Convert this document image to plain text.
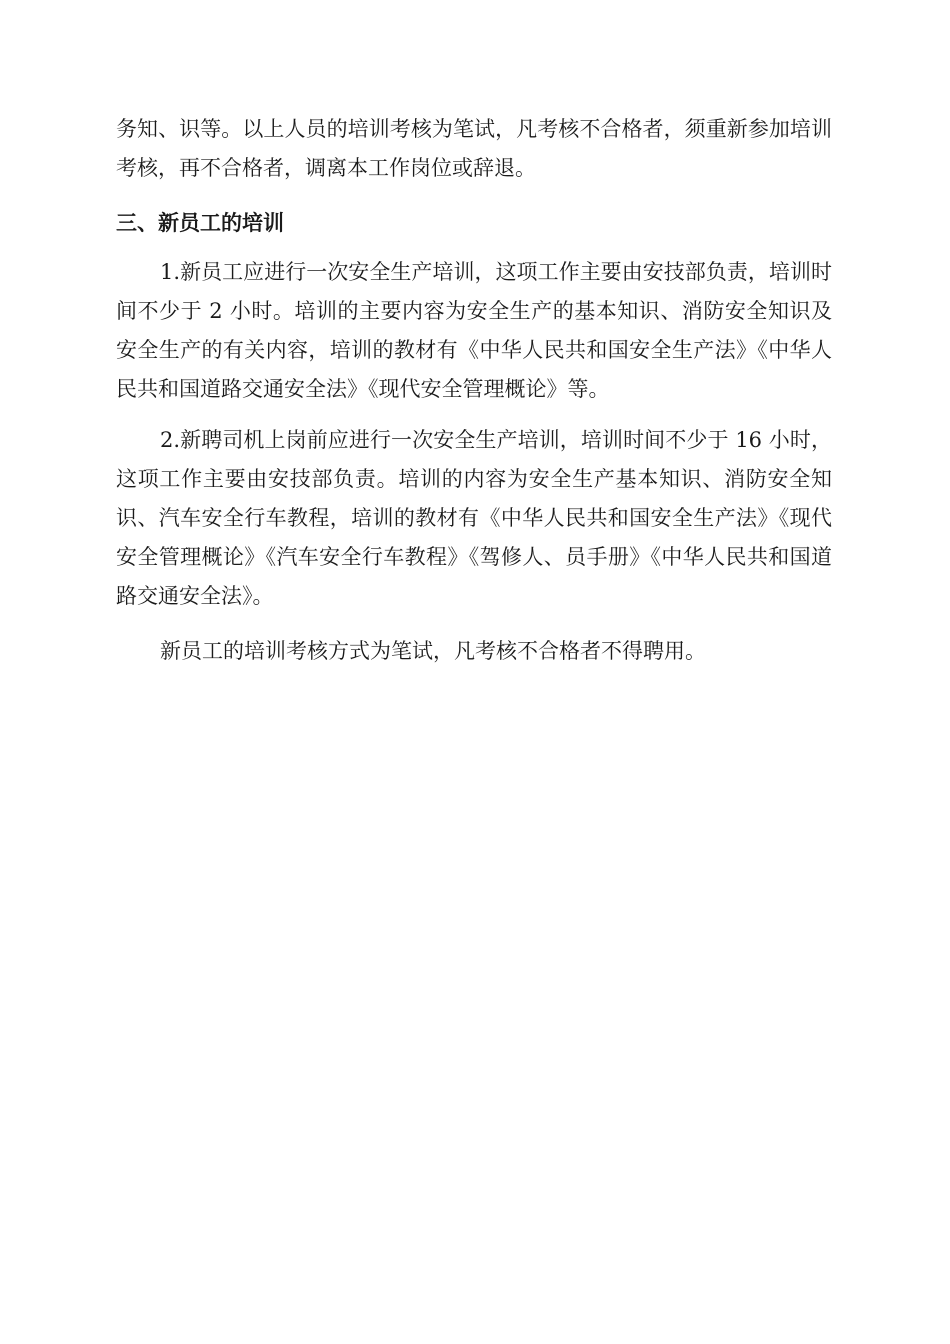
务知、识等。以上人员的培训考核为笔试，凡考核不合格者，须重新参加培训考核，再不合格者，调离本工作岗位或辞退。

三、新员工的培训

1.新员工应进行一次安全生产培训，这项工作主要由安技部负责，培训时间不少于 2 小时。培训的主要内容为安全生产的基本知识、消防安全知识及安全生产的有关内容，培训的教材有《中华人民共和国安全生产法》《中华人民共和国道路交通安全法》《现代安全管理概论》等。

2.新聘司机上岗前应进行一次安全生产培训，培训时间不少于 16 小时，这项工作主要由安技部负责。培训的内容为安全生产基本知识、消防安全知识、汽车安全行车教程，培训的教材有《中华人民共和国安全生产法》《现代安全管理概论》《汽车安全行车教程》《驾修人、员手册》《中华人民共和国道路交通安全法》。

新员工的培训考核方式为笔试，凡考核不合格者不得聘用。
